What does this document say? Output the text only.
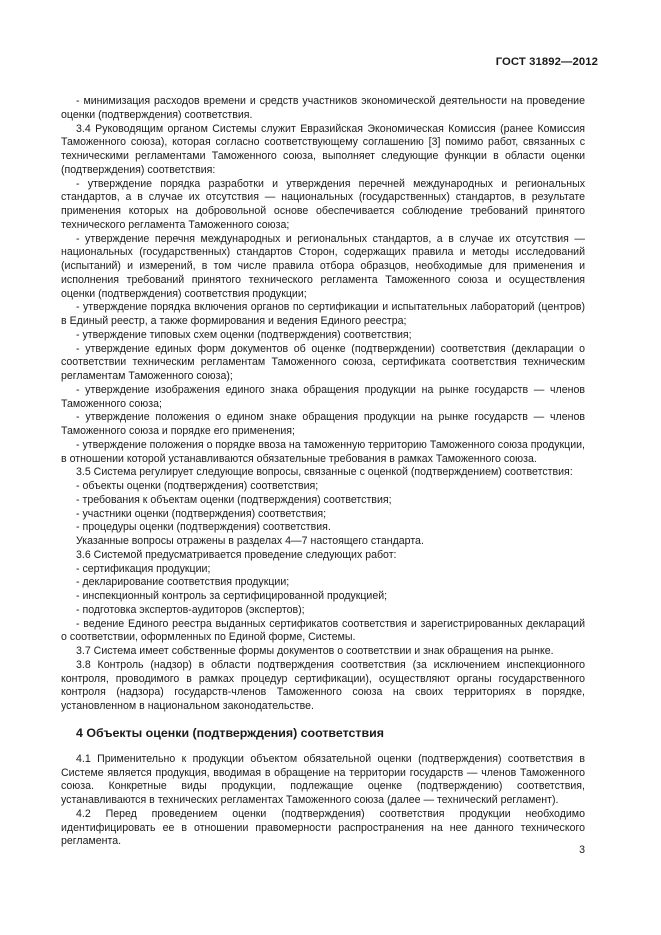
ГОСТ 31892—2012

- минимизация расходов времени и средств участников экономической деятельности на проведение оценки (подтверждения) соответствия.

3.4 Руководящим органом Системы служит Евразийская Экономическая Комиссия (ранее Комиссия Таможенного союза), которая согласно соответствующему соглашению [3] помимо работ, связанных с техническими регламентами Таможенного союза, выполняет следующие функции в области оценки (подтверждения) соответствия:

- утверждение порядка разработки и утверждения перечней международных и региональных стандартов, а в случае их отсутствия — национальных (государственных) стандартов, в результате применения которых на добровольной основе обеспечивается соблюдение требований принятого технического регламента Таможенного союза;

- утверждение перечня международных и региональных стандартов, а в случае их отсутствия — национальных (государственных) стандартов Сторон, содержащих правила и методы исследований (испытаний) и измерений, в том числе правила отбора образцов, необходимые для применения и исполнения требований принятого технического регламента Таможенного союза и осуществления оценки (подтверждения) соответствия продукции;

- утверждение порядка включения органов по сертификации и испытательных лабораторий (центров) в Единый реестр, а также формирования и ведения Единого реестра;

- утверждение типовых схем оценки (подтверждения) соответствия;

- утверждение единых форм документов об оценке (подтверждении) соответствия (декларации о соответствии техническим регламентам Таможенного союза, сертификата соответствия техническим регламентам Таможенного союза);

- утверждение изображения единого знака обращения продукции на рынке государств — членов Таможенного союза;

- утверждение положения о едином знаке обращения продукции на рынке государств — членов Таможенного союза и порядке его применения;

- утверждение положения о порядке ввоза на таможенную территорию Таможенного союза продукции, в отношении которой устанавливаются обязательные требования в рамках Таможенного союза.

3.5 Система регулирует следующие вопросы, связанные с оценкой (подтверждением) соответствия:

- объекты оценки (подтверждения) соответствия;

- требования к объектам оценки (подтверждения) соответствия;

- участники оценки (подтверждения) соответствия;

- процедуры оценки (подтверждения) соответствия.

Указанные вопросы отражены в разделах 4—7 настоящего стандарта.

3.6 Системой предусматривается проведение следующих работ:

- сертификация продукции;

- декларирование соответствия продукции;

- инспекционный контроль за сертифицированной продукцией;

- подготовка экспертов-аудиторов (экспертов);

- ведение Единого реестра выданных сертификатов соответствия и зарегистрированных деклараций о соответствии, оформленных по Единой форме, Системы.

3.7 Система имеет собственные формы документов о соответствии и знак обращения на рынке.

3.8 Контроль (надзор) в области подтверждения соответствия (за исключением инспекционного контроля, проводимого в рамках процедур сертификации), осуществляют органы государственного контроля (надзора) государств-членов Таможенного союза на своих территориях в порядке, установленном в национальном законодательстве.

4 Объекты оценки (подтверждения) соответствия

4.1 Применительно к продукции объектом обязательной оценки (подтверждения) соответствия в Системе является продукция, вводимая в обращение на территории государств — членов Таможенного союза. Конкретные виды продукции, подлежащие оценке (подтверждению) соответствия, устанавливаются в технических регламентах Таможенного союза (далее — технический регламент).

4.2 Перед проведением оценки (подтверждения) соответствия продукции необходимо идентифицировать ее в отношении правомерности распространения на нее данного технического регламента.

3
